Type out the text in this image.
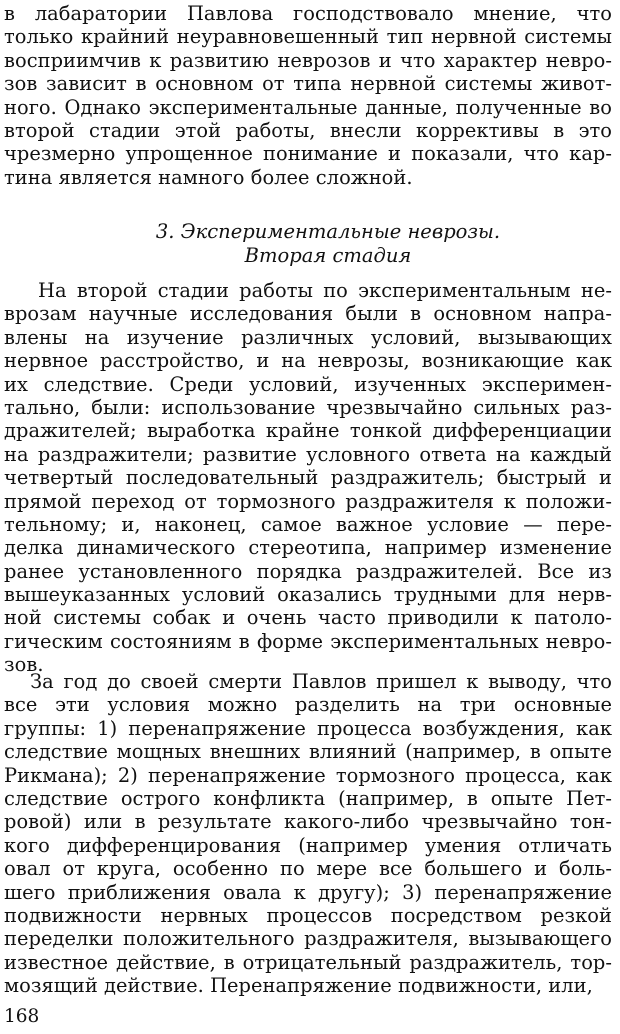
в лабаратории Павлова господствовало мнение, что
только крайний неуравновешенный тип нервной системы
восприимчив к развитию неврозов и что характер невро-
зов зависит в основном от типа нервной системы живот-
ного. Однако экспериментальные данные, полученные во
второй стадии этой работы, внесли коррективы в это
чрезмерно упрощенное понимание и показали, что кар-
тина является намного более сложной.
3. Экспериментальные неврозы.
Вторая стадия
На второй стадии работы по экспериментальным не-
врозам научные исследования были в основном напра-
влены на изучение различных условий, вызывающих
нервное расстройство, и на неврозы, возникающие как
их следствие. Среди условий, изученных эксперимен-
тально, были: использование чрезвычайно сильных раз-
дражителей; выработка крайне тонкой дифференциации
на раздражители; развитие условного ответа на каждый
четвертый последовательный раздражитель; быстрый и
прямой переход от тормозного раздражителя к положи-
тельному; и, наконец, самое важное условие — пере-
делка динамического стереотипа, например изменение
ранее установленного порядка раздражителей. Все из
вышеуказанных условий оказались трудными для нерв-
ной системы собак и очень часто приводили к патоло-
гическим состояниям в форме экспериментальных невро-
зов.
За год до своей смерти Павлов пришел к выводу, что
все эти условия можно разделить на три основные
группы: 1) перенапряжение процесса возбуждения, как
следствие мощных внешних влияний (например, в опыте
Рикмана); 2) перенапряжение тормозного процесса, как
следствие острого конфликта (например, в опыте Пет-
ровой) или в результате какого-либо чрезвычайно тон-
кого дифференцирования (например умения отличать
овал от круга, особенно по мере все большего и боль-
шего приближения овала к другу); 3) перенапряжение
подвижности нервных процессов посредством резкой
переделки положительного раздражителя, вызывающего
известное действие, в отрицательный раздражитель, тор-
мозящий действие. Перенапряжение подвижности, или,
168
